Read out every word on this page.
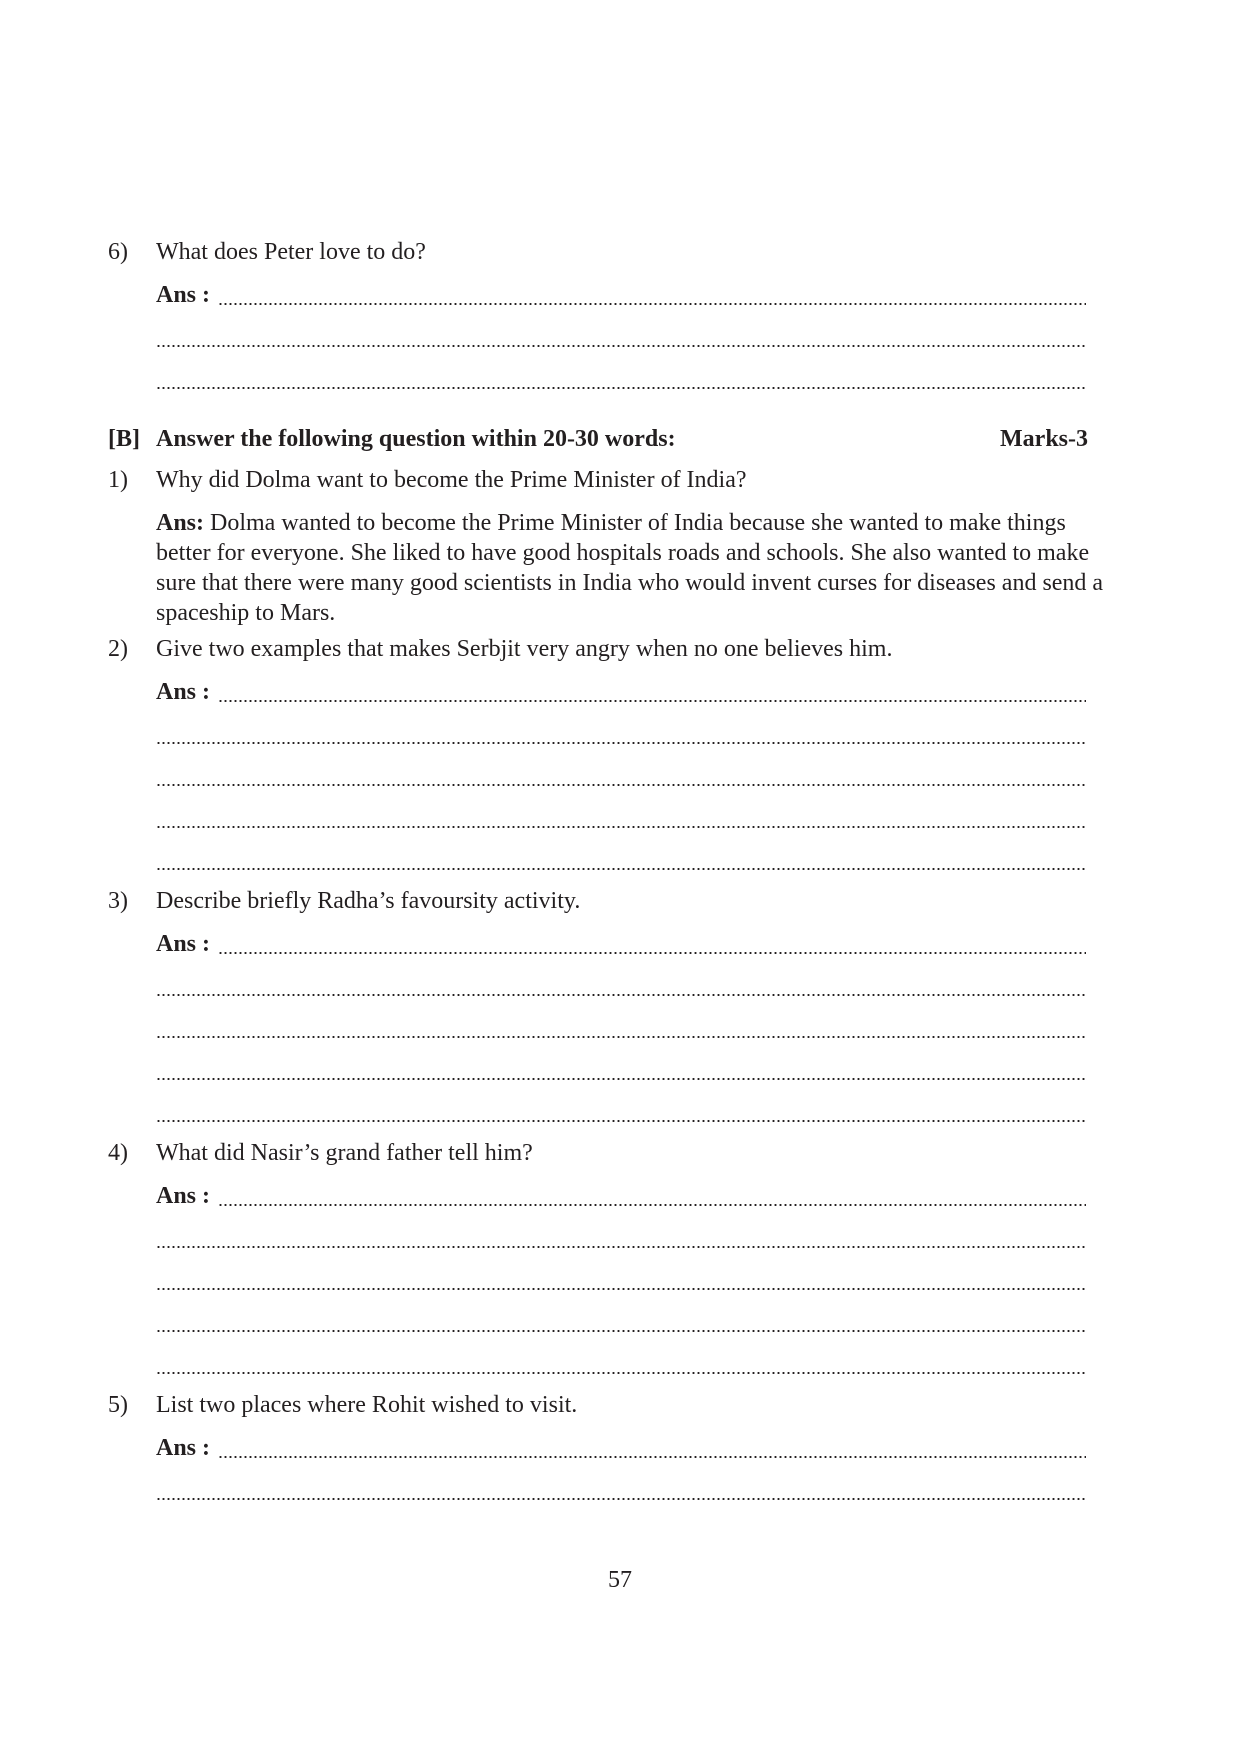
6) What does Peter love to do?
Ans :
[B] Answer the following question within 20-30 words:	Marks-3
1) Why did Dolma want to become the Prime Minister of India?
Ans: Dolma wanted to become the Prime Minister of India because she wanted to make things better for everyone. She liked to have good hospitals roads and schools. She also wanted to make sure that there were many good scientists in India who would invent curses for diseases and send a spaceship to Mars.
2) Give two examples that makes Serbjit very angry when no one believes him.
Ans :
3) Describe briefly Radha’s favoursity activity.
Ans :
4) What did Nasir’s grand father tell him?
Ans :
5) List two places where Rohit wished to visit.
Ans :
57
